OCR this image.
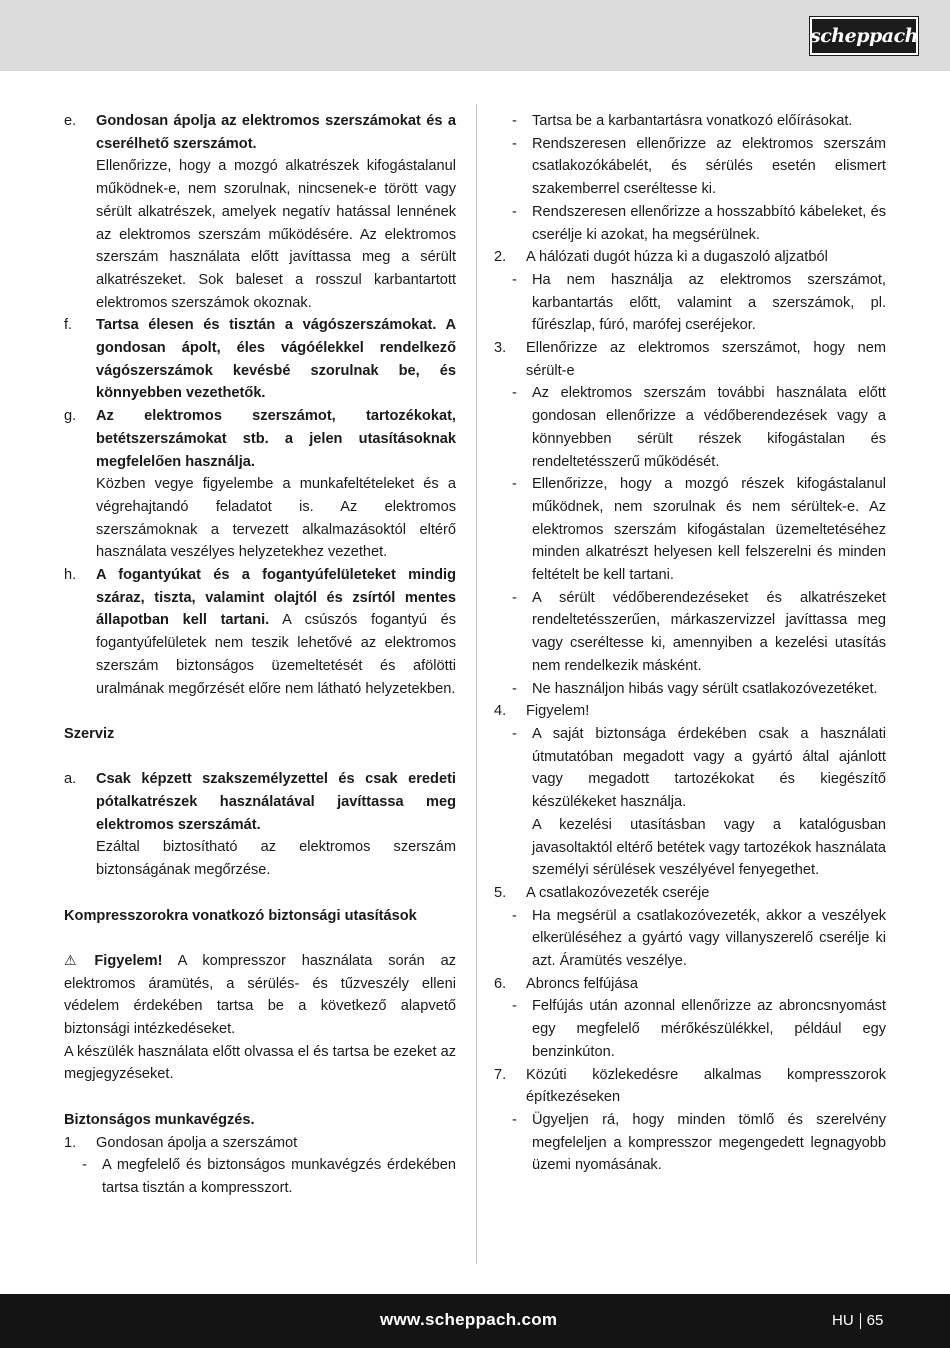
scheppach
e.	Gondosan ápolja az elektromos szerszámokat és a cserélhető szerszámot.
Ellenőrizze, hogy a mozgó alkatrészek kifogástalanul működnek-e, nem szorulnak, nincsenek-e törött vagy sérült alkatrészek, amelyek negatív hatással lennének az elektromos szerszám működésére. Az elektromos szerszám használata előtt javíttassa meg a sérült alkatrészeket. Sok baleset a rosszul karbantartott elektromos szerszámok okoznak.
f.	Tartsa élesen és tisztán a vágószerszámokat. A gondosan ápolt, éles vágóélekkel rendelkező vágószerszámok kevésbé szorulnak be, és könnyebben vezethetők.
g.	Az elektromos szerszámot, tartozékokat, betétszerszámokat stb. a jelen utasításoknak megfelelően használja.
Közben vegye figyelembe a munkafeltételeket és a végrehajtandó feladatot is. Az elektromos szerszámoknak a tervezett alkalmazásoktól eltérő használata veszélyes helyzetekhez vezethet.
h.	A fogantyúkat és a fogantyúfelületeket mindig száraz, tiszta, valamint olajtól és zsírtól mentes állapotban kell tartani. A csúszós fogantyú és fogantyúfelületek nem teszik lehetővé az elektromos szerszám biztonságos üzemeltetését és afölötti uralmának megőrzését előre nem látható helyzetekben.
Szerviz
a.	Csak képzett szakszemélyzettel és csak eredeti pótalkatrészek használatával javíttassa meg elektromos szerszámát.
Ezáltal biztosítható az elektromos szerszám biztonságának megőrzése.
Kompresszorokra vonatkozó biztonsági utasítások
⚠ Figyelem! A kompresszor használata során az elektromos áramütés, a sérülés- és tűzveszély elleni védelem érdekében tartsa be a következő alapvető biztonsági intézkedéseket.
A készülék használata előtt olvassa el és tartsa be ezeket az megjegyzéseket.
Biztonságos munkavégzés.
1.	Gondosan ápolja a szerszámot
-	A megfelelő és biztonságos munkavégzés érdekében tartsa tisztán a kompresszort.
-	Tartsa be a karbantartásra vonatkozó előírásokat.
-	Rendszeresen ellenőrizze az elektromos szerszám csatlakozókábelét, és sérülés esetén elismert szakemberrel cseréltesse ki.
-	Rendszeresen ellenőrizze a hosszabbító kábeleket, és cserélje ki azokat, ha megsérülnek.
2.	A hálózati dugót húzza ki a dugaszoló aljzatból
-	Ha nem használja az elektromos szerszámot, karbantartás előtt, valamint a szerszámok, pl. fűrészlap, fúró, marófej cseréjekor.
3.	Ellenőrizze az elektromos szerszámot, hogy nem sérült-e
-	Az elektromos szerszám további használata előtt gondosan ellenőrizze a védőberendezések vagy a könnyebben sérült részek kifogástalan és rendeltetésszerű működését.
-	Ellenőrizze, hogy a mozgó részek kifogástalanul működnek, nem szorulnak és nem sérültek-e. Az elektromos szerszám kifogástalan üzemeltetéséhez minden alkatrészt helyesen kell felszerelni és minden feltételt be kell tartani.
-	A sérült védőberendezéseket és alkatrészeket rendeltetésszerűen, márkaszervizzel javíttassa meg vagy cseréltesse ki, amennyiben a kezelési utasítás nem rendelkezik másként.
-	Ne használjon hibás vagy sérült csatlakozóvezetéket.
4.	Figyelem!
-	A saját biztonsága érdekében csak a használati útmutatóban megadott vagy a gyártó által ajánlott vagy megadott tartozékokat és kiegészítő készülékeket használja.
A kezelési utasításban vagy a katalógusban javasoltaktól eltérő betétek vagy tartozékok használata személyi sérülések veszélyével fenyegethet.
5.	A csatlakozóvezeték cseréje
-	Ha megsérül a csatlakozóvezeték, akkor a veszélyek elkerüléséhez a gyártó vagy villanyszerelő cserélje ki azt. Áramütés veszélye.
6.	Abroncs felfújása
-	Felfújás után azonnal ellenőrizze az abroncsnyomást egy megfelelő mérőkészülékkel, például egy benzinkúton.
7.	Közúti közlekedésre alkalmas kompresszorok építkezéseken
-	Ügyeljen rá, hogy minden tömlő és szerelvény megfeleljen a kompresszor megengedett legnagyobb üzemi nyomásának.
www.scheppach.com	HU 65
